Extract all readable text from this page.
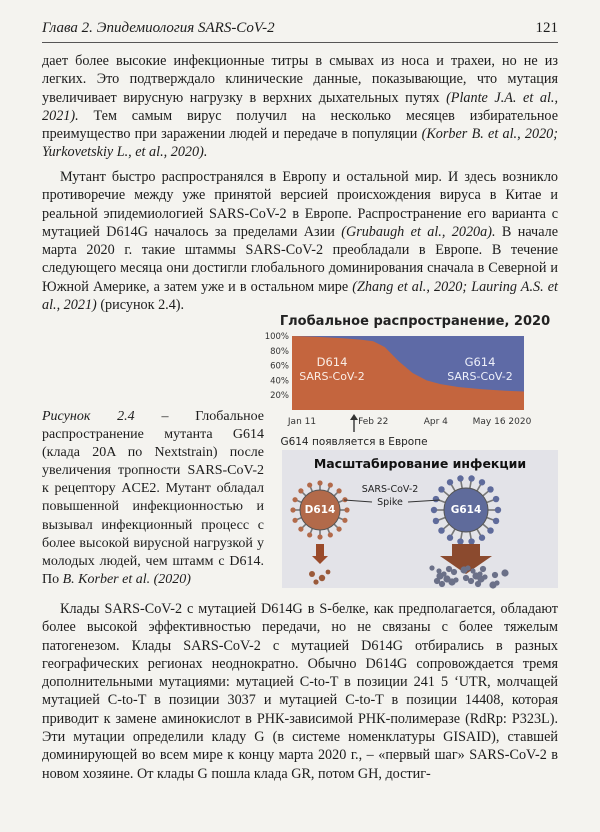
Глава 2. Эпидемиология SARS-CoV-2	121

дает более высокие инфекционные титры в смывах из носа и трахеи, но не из легких. Это подтверждало клинические данные, показывающие, что мутация увеличивает вирусную нагрузку в верхних дыхательных путях (Plante J.A. et al., 2021). Тем самым вирус получил на несколько месяцев избирательное преимущество при заражении людей и передаче в популяции (Korber B. et al., 2020; Yurkovetskiy L., et al., 2020).

Мутант быстро распространялся в Европу и остальной мир. И здесь возникло противоречие между уже принятой версией происхождения вируса в Китае и реальной эпидемиологией SARS-CoV-2 в Европе. Распространение его варианта с мутацией D614G началось за пределами Азии (Grubaugh et al., 2020a). В начале марта 2020 г. такие штаммы SARS-CoV-2 преобладали в Европе. В течение следующего месяца они достигли глобального доминирования сначала в Северной и Южной Америке, а затем уже и в остальном мире (Zhang et al., 2020; Lauring A.S. et al., 2021) (рисунок 2.4).

Рисунок 2.4 – Глобальное распространение мутанта G614 (клада 20A по Nextstrain) после увеличения тропности SARS-CoV-2 к рецептору ACE2. Мутант обладал повышенной инфекционностью и вызывал инфекционный процесс с более высокой вирусной нагрузкой у молодых людей, чем штамм с D614. По B. Korber et al. (2020)

Глобальное распространение, 2020
100%
80%
60%
40%
20%
D614
SARS-CoV-2
G614
SARS-CoV-2
Jan 11	Feb 22	Apr 4	May 16 2020
G614 появляется в Европе
Масштабирование инфекции
D614	G614
SARS-CoV-2
Spike

Клады SARS-CoV-2 с мутацией D614G в S-белке, как предполагается, обладают более высокой эффективностью передачи, но не связаны с более тяжелым патогенезом. Клады SARS-CoV-2 с мутацией D614G отбирались в разных географических регионах неоднократно. Обычно D614G сопровождается тремя дополнительными мутациями: мутацией C-to-T в позиции 241 5 ‘UTR, молчащей мутацией C-to-T в позиции 3037 и мутацией C-to-T в позиции 14408, которая приводит к замене аминокислот в РНК-зависимой РНК-полимеразе (RdRp: P323L). Эти мутации определили кладу G (в системе номенклатуры GISAID), ставшей доминирующей во всем мире к концу марта 2020 г., – «первый шаг» SARS-CoV-2 в новом хозяине. От клады G пошла клада GR, потом GH, достиг-
